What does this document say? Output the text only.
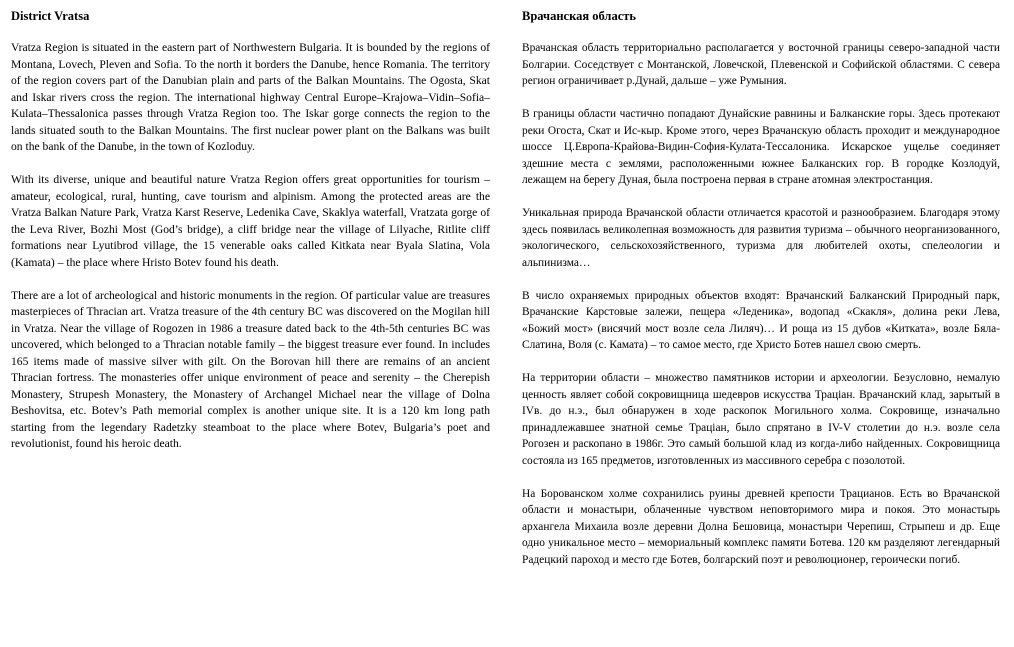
District Vratsa

Vratza Region is situated in the eastern part of Northwestern Bulgaria. It is bounded by the regions of Montana, Lovech, Pleven and Sofia. To the north it borders the Danube, hence Romania. The territory of the region covers part of the Danubian plain and parts of the Balkan Mountains. The Ogosta, Skat and Iskar rivers cross the region. The international highway Central Europe–Krajowa–Vidin–Sofia–Kulata–Thessalonica passes through Vratza Region too. The Iskar gorge connects the region to the lands situated south to the Balkan Mountains. The first nuclear power plant on the Balkans was built on the bank of the Danube, in the town of Kozloduy.

With its diverse, unique and beautiful nature Vratza Region offers great opportunities for tourism – amateur, ecological, rural, hunting, cave tourism and alpinism. Among the protected areas are the Vratza Balkan Nature Park, Vratza Karst Reserve, Ledenika Cave, Skaklya waterfall, Vratzata gorge of the Leva River, Bozhi Most (God’s bridge), a cliff bridge near the village of Lilyache, Ritlite cliff formations near Lyutibrod village, the 15 venerable oaks called Kitkata near Byala Slatina, Vola (Kamata) – the place where Hristo Botev found his death.

There are a lot of archeological and historic monuments in the region. Of particular value are treasures masterpieces of Thracian art. Vratza treasure of the 4th century BC was discovered on the Mogilan hill in Vratza. Near the village of Rogozen in 1986 a treasure dated back to the 4th-5th centuries BC was uncovered, which belonged to a Thracian notable family – the biggest treasure ever found. In includes 165 items made of massive silver with gilt. On the Borovan hill there are remains of an ancient Thracian fortress. The monasteries offer unique environment of peace and serenity – the Cherepish Monastery, Strupesh Monastery, the Monastery of Archangel Michael near the village of Dolna Beshovitsa, etc. Botev’s Path memorial complex is another unique site. It is a 120 km long path starting from the legendary Radetzky steamboat to the place where Botev, Bulgaria’s poet and revolutionist, found his heroic death.

Врачанская область

Врачанская область территориально располагается у восточной границы северо-западной части Болгарии. Соседствует с Монтанской, Ловечской, Плевенской и Софийской областями. С севера регион ограничивает р.Дунай, дальше – уже Румыния.

В границы области частично попадают Дунайские равнины и Балканские горы. Здесь протекают реки Огоста, Скат и Ис-кыр. Кроме этого, через Врачанскую область проходит и международное шоссе Ц.Европа-Крайова-Видин-София-Кулата-Тессалоника. Искарское ущелье соединяет здешние места с землями, расположенными южнее Балканских гор. В городке Козлодуй, лежащем на берегу Дуная, была построена первая в стране атомная электростанция.

Уникальная природа Врачанской области отличается красотой и разнообразием. Благодаря этому здесь появилась великолепная возможность для развития туризма – обычного неорганизованного, экологического, сельскохозяйственного, туризма для любителей охоты, спелеологии и альпинизма…

В число охраняемых природных объектов входят: Врачанский Балканский Природный парк, Врачанские Карстовые залежи, пещера «Леденика», водопад «Скакля», долина реки Лева, «Божий мост» (висячий мост возле села Лиляч)… И роща из 15 дубов «Китката», возле Бяла-Слатина, Воля (с. Камата) – то самое место, где Христо Ботев нашел свою смерть.

На территории области – множество памятников истории и археологии. Безусловно, немалую ценность являет собой сокровищница шедевров искусства Траціан. Врачанский клад, зарытый в IVв. до н.э., был обнаружен в ходе раскопок Могильного холма. Сокровище, изначально принадлежавшее знатной семье Траціан, было спрятано в IV-V столетии до н.э. возле села Рогозен и раскопано в 1986г. Это самый большой клад из когда-либо найденных. Сокровищница состояла из 165 предметов, изготовленных из массивного серебра с позолотой.

На Борованском холме сохранились руины древней крепости Трацианов. Есть во Врачанской области и монастыри, облаченные чувством неповторимого мира и покоя. Это монастырь архангела Михаила возле деревни Долна Бешовица, монастыри Черепиш, Стрыпеш и др. Еще одно уникальное место – мемориальный комплекс памяти Ботева. 120 км разделяют легендарный Радецкий пароход и место где Ботев, болгарский поэт и революционер, героически погиб.
